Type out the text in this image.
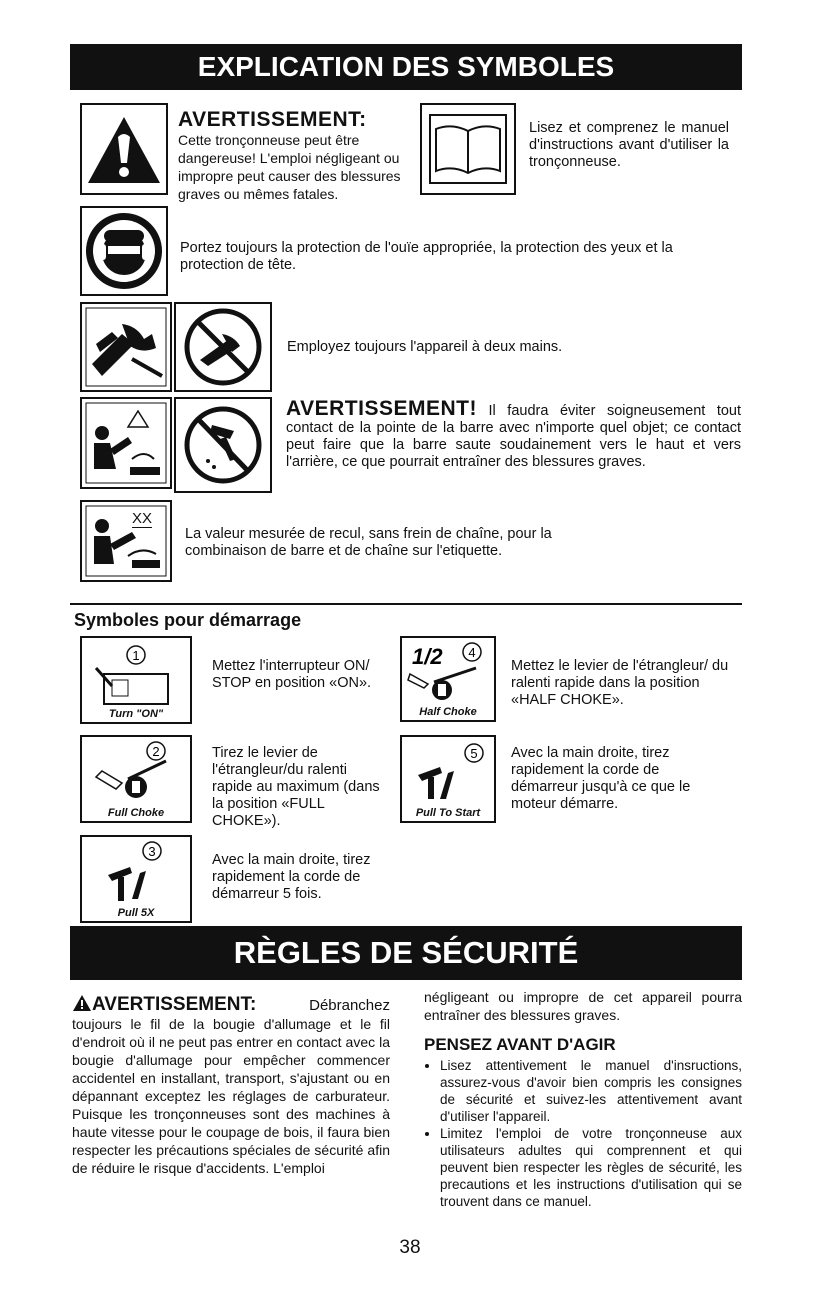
EXPLICATION DES SYMBOLES
AVERTISSEMENT: Cette tronçonneuse peut être dangereuse! L'emploi négligeant ou impropre peut causer des blessures graves ou mêmes fatales.
Lisez et comprenez le manuel d'instructions avant d'utiliser la tronçonneuse.
Portez toujours la protection de l'ouïe appropriée, la protection des yeux et la protection de tête.
Employez toujours l'appareil à deux mains.
AVERTISSEMENT! Il faudra éviter soigneusement tout contact de la pointe de la barre avec n'importe quel objet; ce contact peut faire que la barre saute soudainement vers le haut et vers l'arrière, ce que pourrait entraîner des blessures graves.
XX
La valeur mesurée de recul, sans frein de chaîne, pour la combinaison de barre et de chaîne sur l'etiquette.
Symboles pour démarrage
1
Turn "ON"
Mettez l'interrupteur ON/ STOP en position «ON».
2
Full Choke
Tirez le levier de l'étrangleur/du ralenti rapide au maximum (dans la position «FULL CHOKE»).
3
Pull 5X
Avec la main droite, tirez rapidement la corde de démarreur 5 fois.
1/2 4
Half Choke
Mettez le levier de l'étrangleur/ du ralenti rapide dans la position «HALF CHOKE».
5
Pull To Start
Avec la main droite, tirez rapidement la corde de démarreur jusqu'à ce que le moteur démarre.
RÈGLES DE SÉCURITÉ
AVERTISSEMENT:	Débranchez toujours le fil de la bougie d'allumage et le fil d'endroit où il ne peut pas entrer en contact avec la bougie d'allumage pour empêcher commencer accidentel en installant, transport, s'ajustant ou en dépannant exceptez les réglages de carburateur. Puisque les tronçonneuses sont des machines à haute vitesse pour le coupage de bois, il faura bien respecter les précautions spéciales de sécurité afin de réduire le risque d'accidents. L'emploi
négligeant ou impropre de cet appareil pourra entraîner des blessures graves.
PENSEZ AVANT D'AGIR
• Lisez attentivement le manuel d'insructions, assurez-vous d'avoir bien compris les consignes de sécurité et suivez-les attentivement avant d'utiliser l'appareil.
• Limitez l'emploi de votre tronçonneuse aux utilisateurs adultes qui comprennent et qui peuvent bien respecter les règles de sécurité, les precautions et les instructions d'utilisation qui se trouvent dans ce manuel.
38
